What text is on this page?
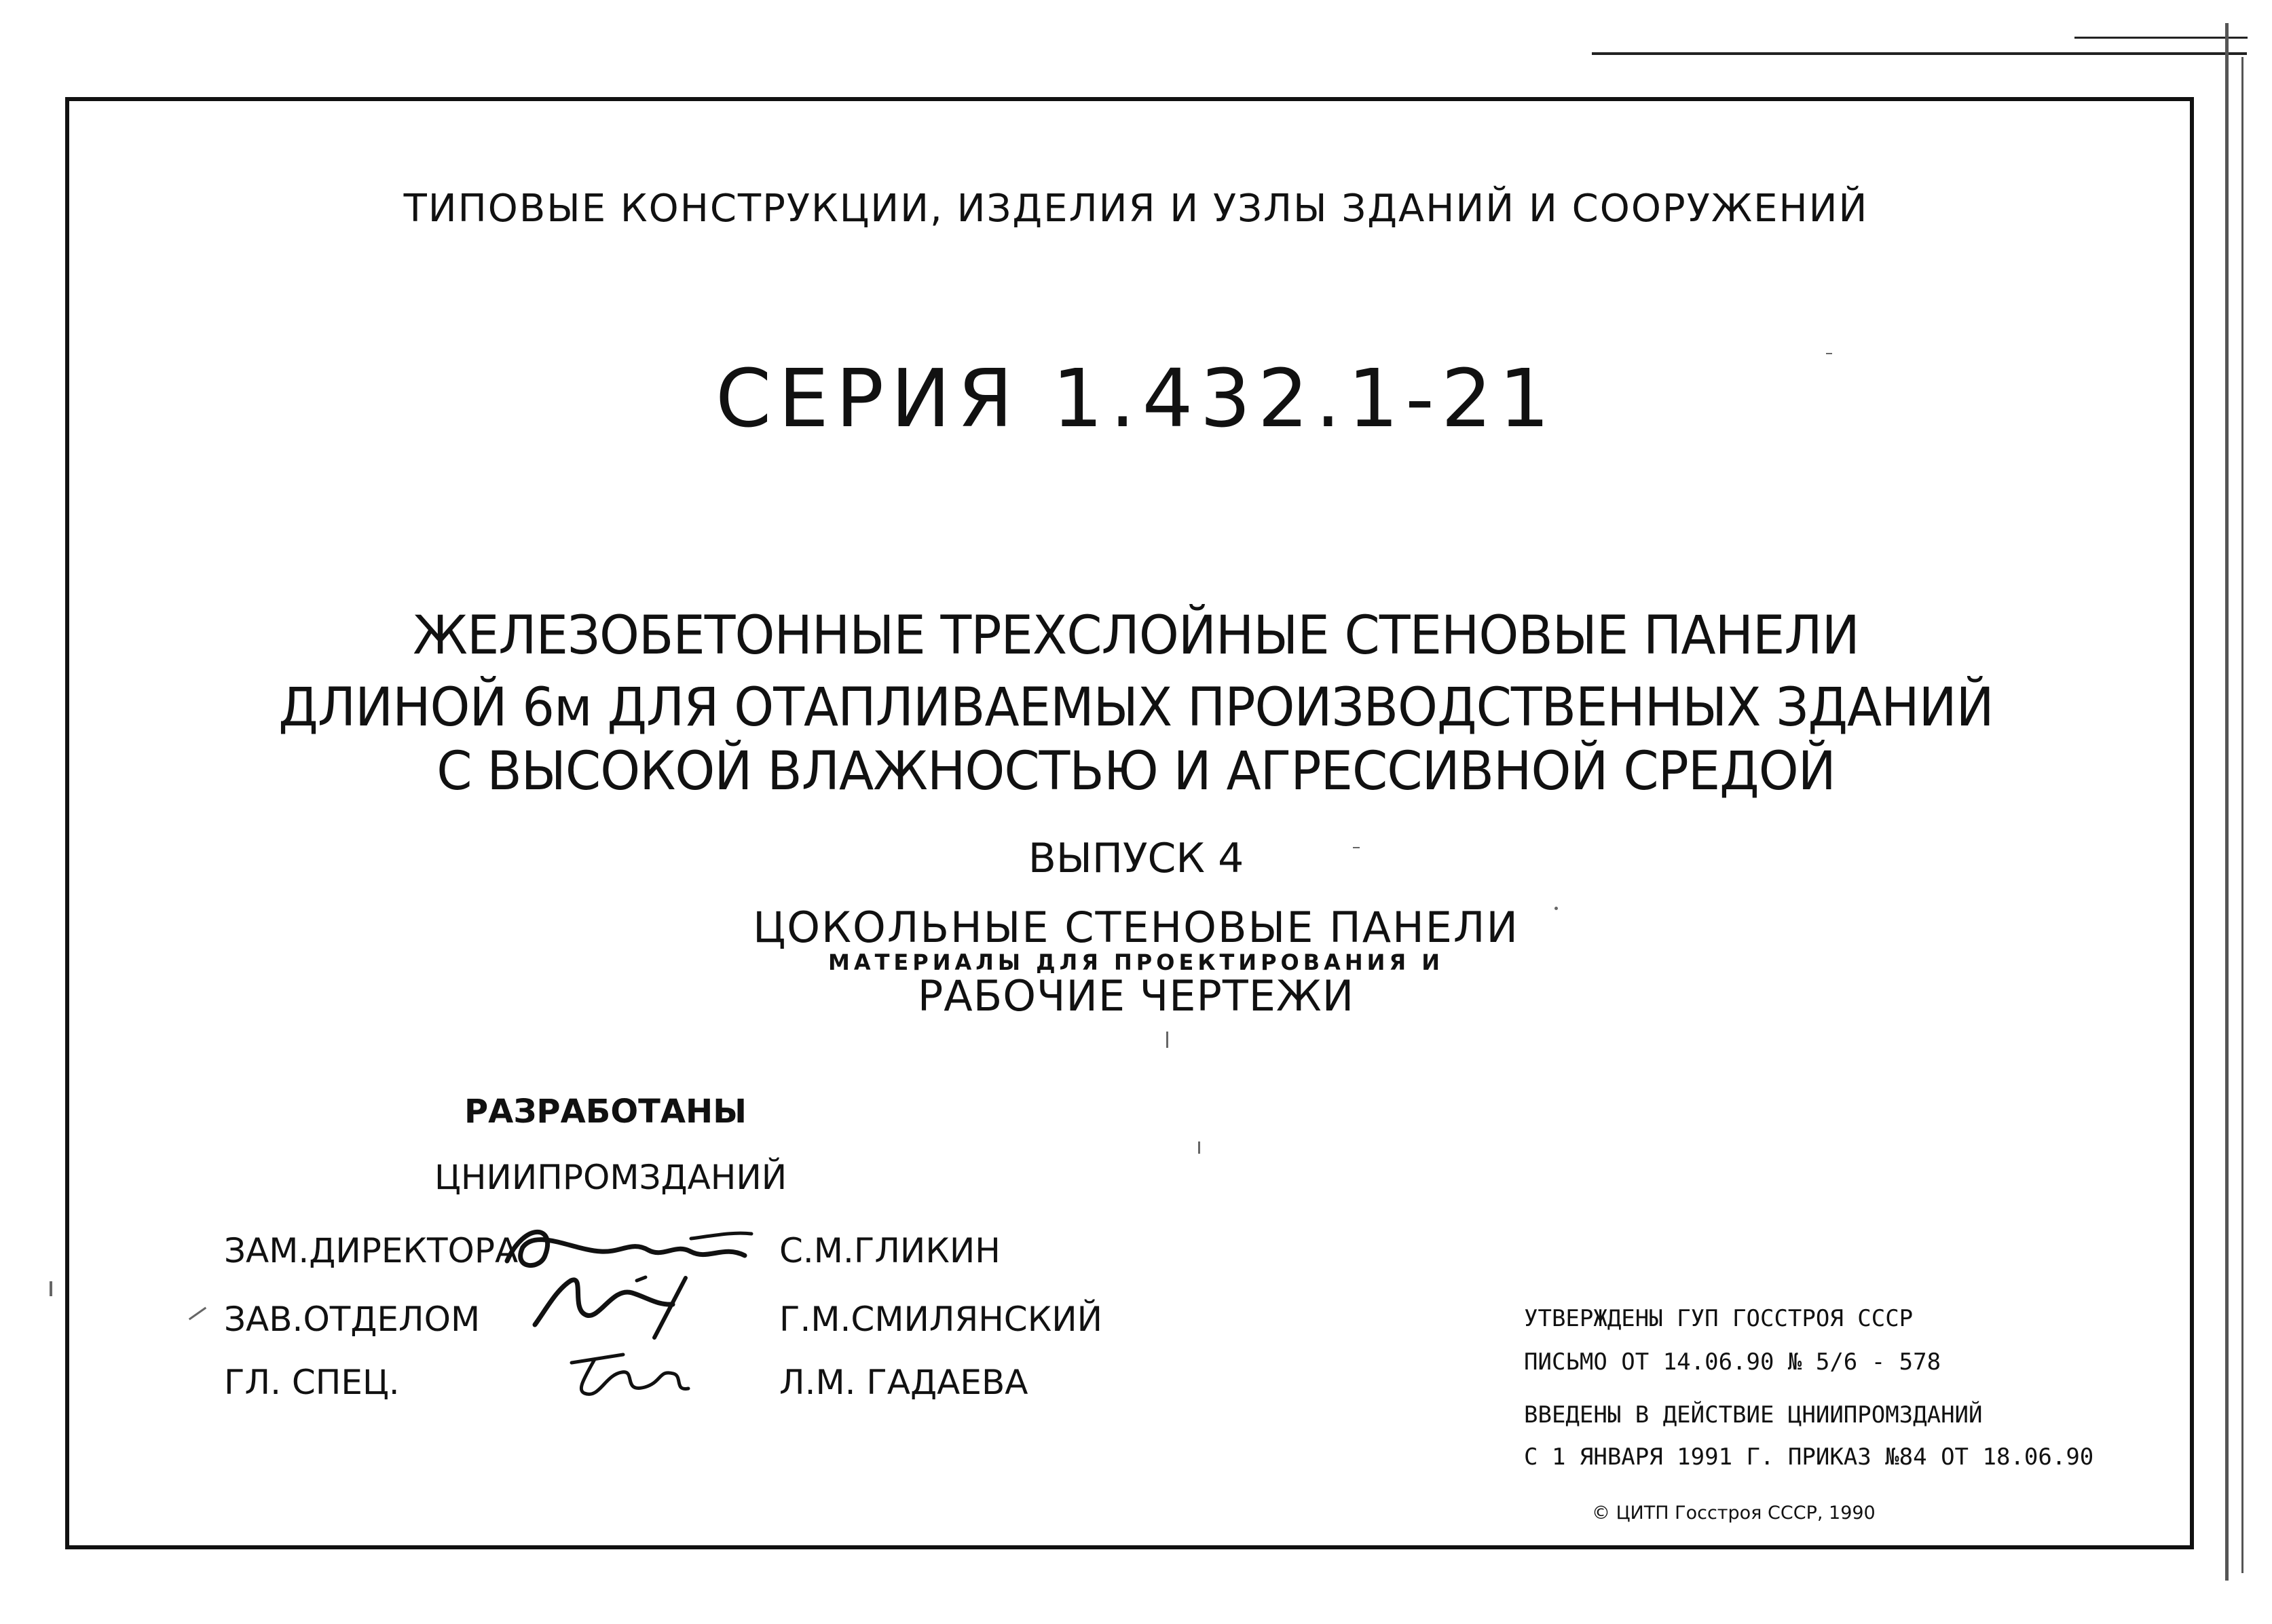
ТИПОВЫЕ КОНСТРУКЦИИ, ИЗДЕЛИЯ И УЗЛЫ ЗДАНИЙ И СООРУЖЕНИЙ
СЕРИЯ 1.432.1-21
ЖЕЛЕЗОБЕТОННЫЕ ТРЕХСЛОЙНЫЕ СТЕНОВЫЕ ПАНЕЛИ
ДЛИНОЙ 6м ДЛЯ ОТАПЛИВАЕМЫХ ПРОИЗВОДСТВЕННЫХ ЗДАНИЙ
С ВЫСОКОЙ ВЛАЖНОСТЬЮ И АГРЕССИВНОЙ СРЕДОЙ
ВЫПУСК 4
ЦОКОЛЬНЫЕ СТЕНОВЫЕ ПАНЕЛИ
МАТЕРИАЛЫ ДЛЯ ПРОЕКТИРОВАНИЯ И
РАБОЧИЕ ЧЕРТЕЖИ
РАЗРАБОТАНЫ
ЦНИИПРОМЗДАНИЙ
ЗАМ.ДИРЕКТОРА
ЗАВ.ОТДЕЛОМ
ГЛ. СПЕЦ.
С.М.ГЛИКИН
Г.М.СМИЛЯНСКИЙ
Л.М. ГАДАЕВА
УТВЕРЖДЕНЫ ГУП ГОССТРОЯ СССР
ПИСЬМО ОТ 14.06.90 № 5/6 - 578
ВВЕДЕНЫ В ДЕЙСТВИЕ ЦНИИПРОМЗДАНИЙ
С 1 ЯНВАРЯ 1991 Г. ПРИКАЗ №84 ОТ 18.06.90
© ЦИТП Госстроя СССР, 1990
